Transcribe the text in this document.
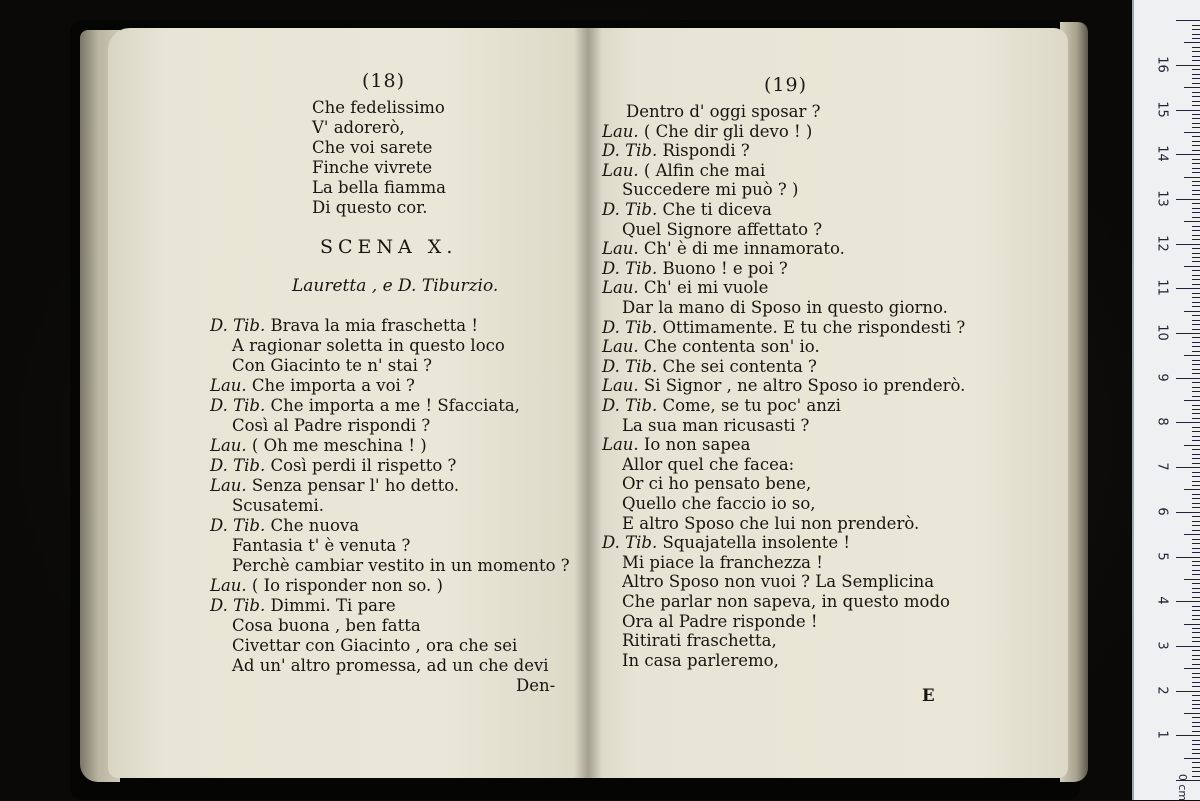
(18)
Che fedelissimo
V' adorerò,
Che voi sarete
Finche vivrete
La bella fiamma
Di questo cor.
SCENA X.
Lauretta , e D. Tiburzio.
D. Tib. Brava la mia fraschetta !
A ragionar soletta in questo loco
Con Giacinto te n' stai ?
Lau. Che importa a voi ?
D. Tib. Che importa a me ! Sfacciata,
Così al Padre rispondi ?
Lau. ( Oh me meschina ! )
D. Tib. Così perdi il rispetto ?
Lau. Senza pensar l' ho detto.
Scusatemi.
D. Tib. Che nuova
Fantasia t' è venuta ?
Perchè cambiar vestito in un momento ?
Lau. ( Io risponder non so. )
D. Tib. Dimmi. Ti pare
Cosa buona , ben fatta
Civettar con Giacinto , ora che sei
Ad un' altro promessa, ad un che devi
Den-
(19)
Dentro d' oggi sposar ?
Lau. ( Che dir gli devo ! )
D. Tib. Rispondi ?
Lau. ( Alfin che mai
Succedere mi può ? )
D. Tib. Che ti diceva
Quel Signore affettato ?
Lau. Ch' è di me innamorato.
D. Tib. Buono ! e poi ?
Lau. Ch' ei mi vuole
Dar la mano di Sposo in questo giorno.
D. Tib. Ottimamente. E tu che rispondesti ?
Lau. Che contenta son' io.
D. Tib. Che sei contenta ?
Lau. Si Signor , ne altro Sposo io prenderò.
D. Tib. Come, se tu poc' anzi
La sua man ricusasti ?
Lau. Io non sapea
Allor quel che facea:
Or ci ho pensato bene,
Quello che faccio io so,
E altro Sposo che lui non prenderò.
D. Tib. Squajatella insolente !
Mi piace la franchezza !
Altro Sposo non vuoi ? La Semplicina
Che parlar non sapeva, in questo modo
Ora al Padre risponde !
Ritirati fraschetta,
In casa parleremo,
E
1
2
3
4
5
6
7
8
9
10
11
12
13
14
15
16
0 cm
